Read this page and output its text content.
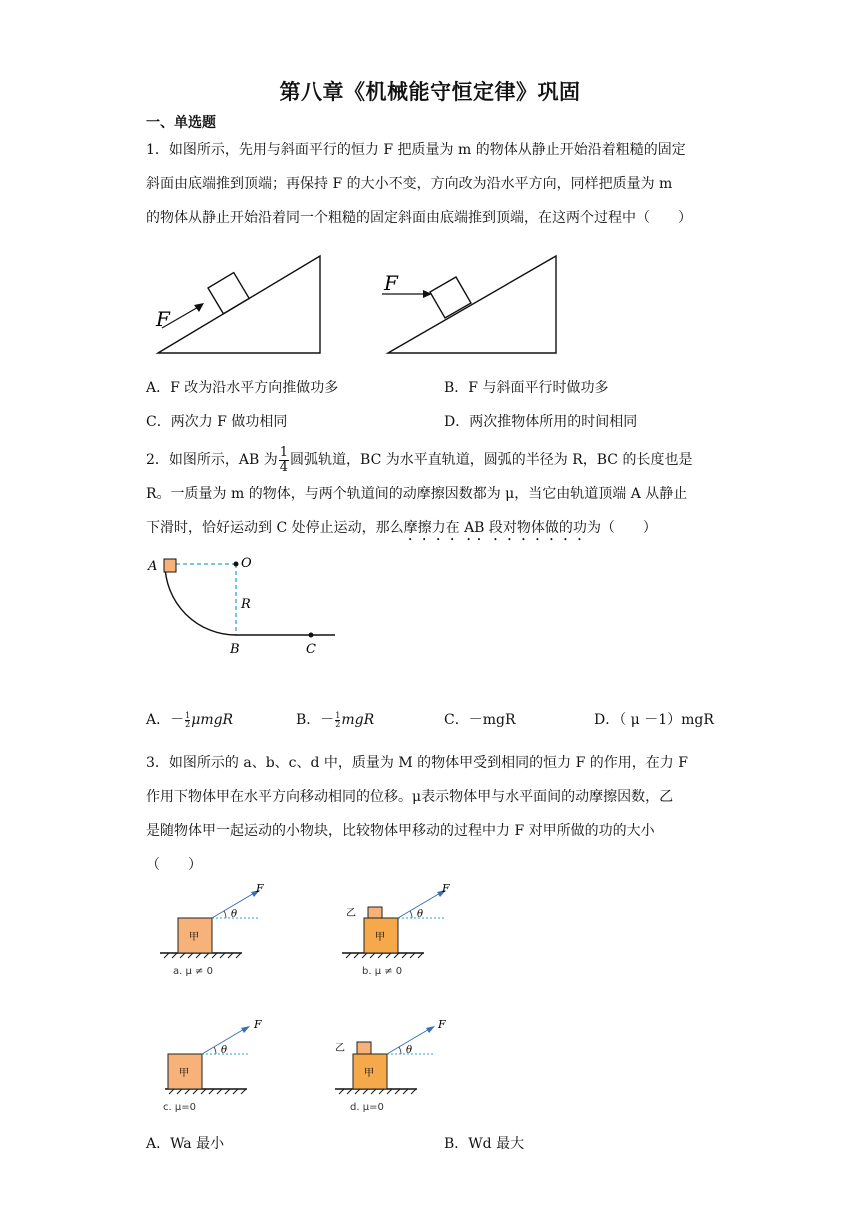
第八章《机械能守恒定律》巩固
一、单选题
1．如图所示，先用与斜面平行的恒力 F 把质量为 m 的物体从静止开始沿着粗糙的固定
斜面由底端推到顶端；再保持 F 的大小不变，方向改为沿水平方向，同样把质量为 m
的物体从静止开始沿着同一个粗糙的固定斜面由底端推到顶端，在这两个过程中（　　）
F
F
A．F 改为沿水平方向推做功多	B．F 与斜面平行时做功多
C．两次力 F 做功相同	D．两次推物体所用的时间相同
2．如图所示，AB 为 $\frac{1}{4}$ 圆弧轨道，BC 为水平直轨道，圆弧的半径为 R，BC 的长度也是
R。一质量为 m 的物体，与两个轨道间的动摩擦因数都为 μ，当它由轨道顶端 A 从静止
下滑时，恰好运动到 C 处停止运动，那么摩擦力在 AB 段对物体做的功为（　　）
A	O
R
B	C
A．－ $\frac{1}{2}$ μmgR	B．－ $\frac{1}{2}$ mgR	C．－mgR	D．（ μ －1）mgR
3．如图所示的 a、b、c、d 中，质量为 M 的物体甲受到相同的恒力 F 的作用，在力 F
作用下物体甲在水平方向移动相同的位移。μ表示物体甲与水平面间的动摩擦因数，乙
是随物体甲一起运动的小物块，比较物体甲移动的过程中力 F 对甲所做的功的大小
（　　）
甲
θ
F
a. μ ≠ 0
甲
乙	θ
F
b. μ ≠ 0
甲
θ
F
c. μ=0
甲
乙	θ
F
d. μ=0
A．Wa 最小	B．Wd 最大
